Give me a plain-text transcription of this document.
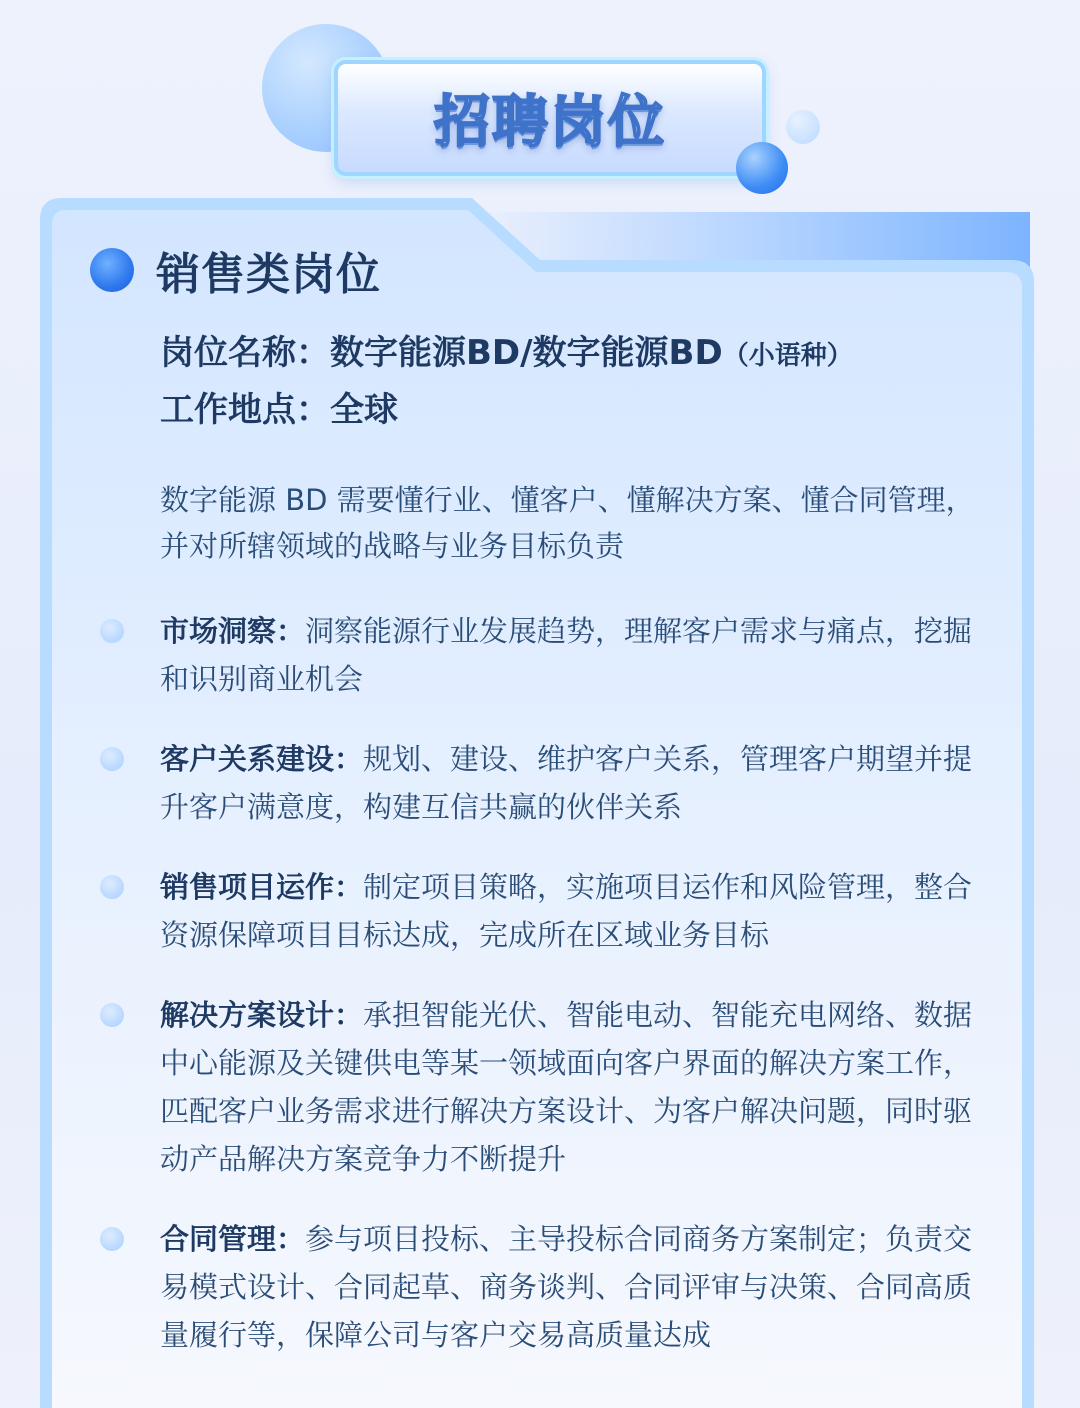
招聘岗位
销售类岗位
岗位名称：数字能源BD/数字能源BD（小语种）
工作地点：全球
数字能源 BD 需要懂行业、懂客户、懂解决方案、懂合同管理，并对所辖领域的战略与业务目标负责
市场洞察：洞察能源行业发展趋势，理解客户需求与痛点，挖掘和识别商业机会
客户关系建设：规划、建设、维护客户关系，管理客户期望并提升客户满意度，构建互信共赢的伙伴关系
销售项目运作：制定项目策略，实施项目运作和风险管理，整合资源保障项目目标达成，完成所在区域业务目标
解决方案设计：承担智能光伏、智能电动、智能充电网络、数据中心能源及关键供电等某一领域面向客户界面的解决方案工作，匹配客户业务需求进行解决方案设计、为客户解决问题，同时驱动产品解决方案竞争力不断提升
合同管理：参与项目投标、主导投标合同商务方案制定；负责交易模式设计、合同起草、商务谈判、合同评审与决策、合同高质量履行等，保障公司与客户交易高质量达成
